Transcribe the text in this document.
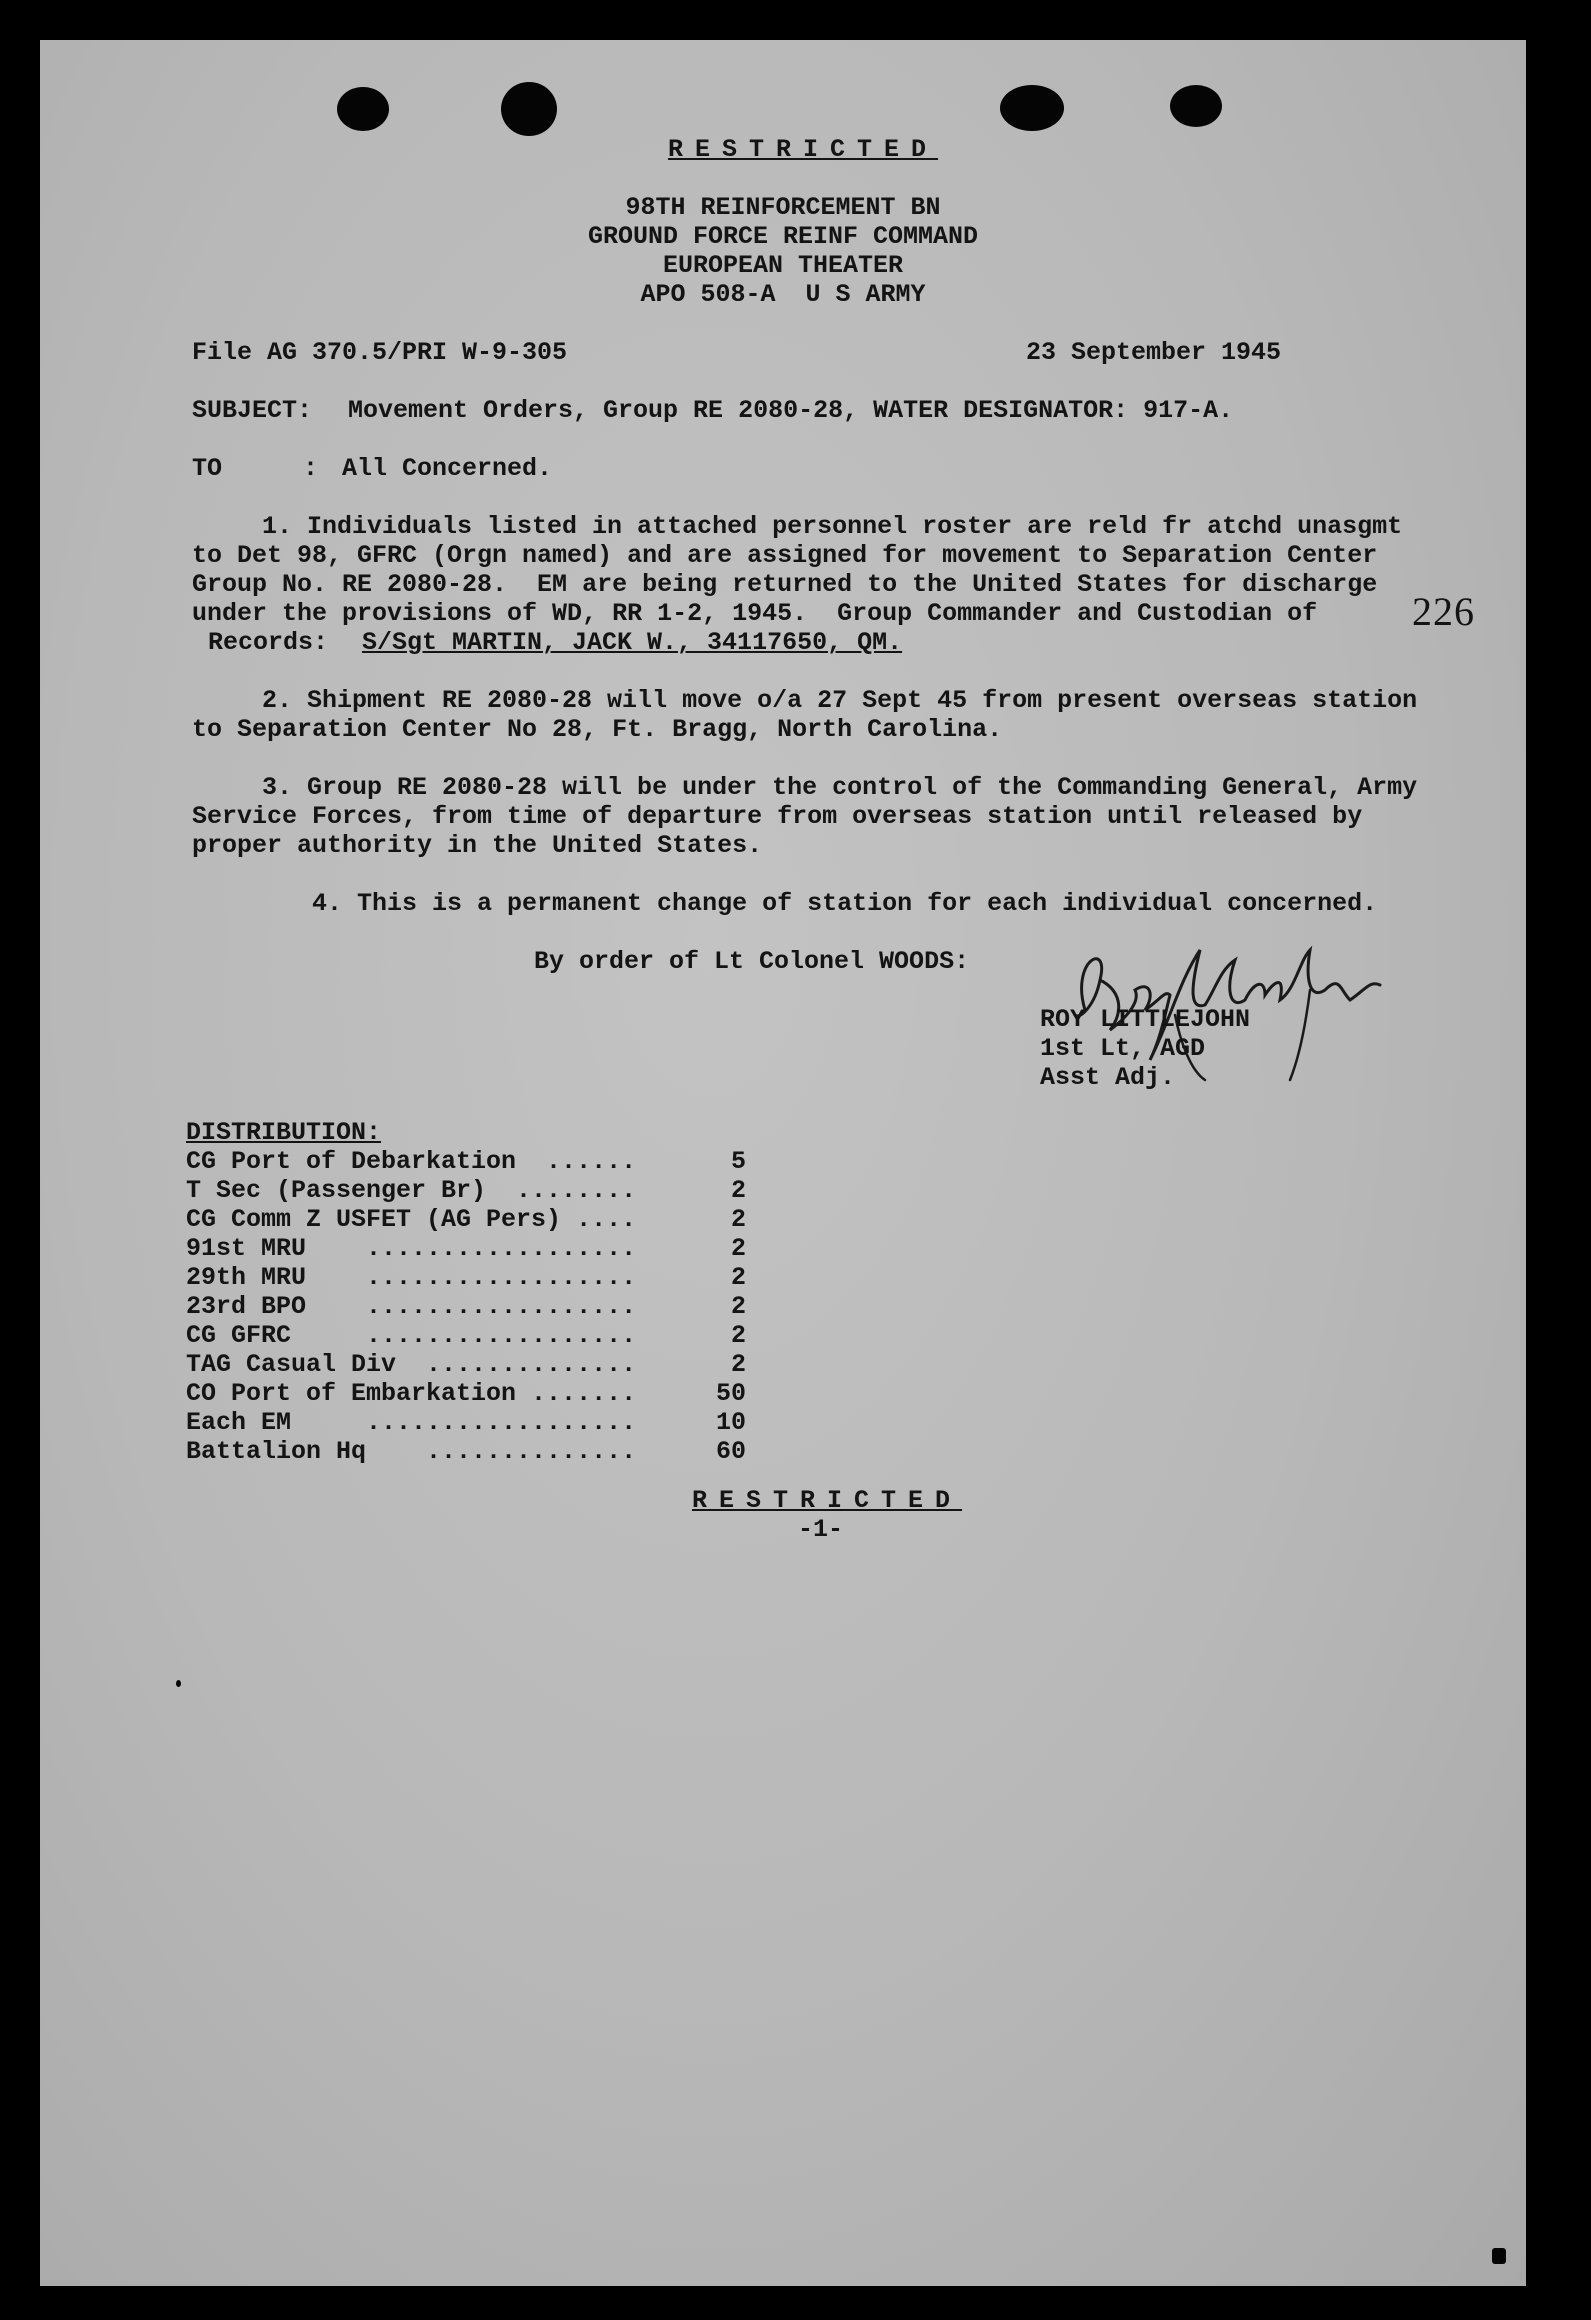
RESTRICTED

98TH REINFORCEMENT BN

GROUND FORCE REINF COMMAND

EUROPEAN THEATER

APO 508-A  U S ARMY

File AG 370.5/PRI W-9-305	23 September 1945

SUBJECT: Movement Orders, Group RE 2080-28, WATER DESIGNATOR: 917-A.

TO	: All Concerned.

1. Individuals listed in attached personnel roster are reld fr atchd unasgmt

to Det 98, GFRC (Orgn named) and are assigned for movement to Separation Center

Group No. RE 2080-28.  EM are being returned to the United States for discharge

under the provisions of WD, RR 1-2, 1945.  Group Commander and Custodian of

Records: S/Sgt MARTIN, JACK W., 34117650, QM.

226

2. Shipment RE 2080-28 will move o/a 27 Sept 45 from present overseas station

to Separation Center No 28, Ft. Bragg, North Carolina.

3. Group RE 2080-28 will be under the control of the Commanding General, Army

Service Forces, from time of departure from overseas station until released by

proper authority in the United States.

4. This is a permanent change of station for each individual concerned.

By order of Lt Colonel WOODS:

ROY LITTLEJOHN

1st Lt, AGD

Asst Adj.

DISTRIBUTION:

CG Port of Debarkation  ......	5
T Sec (Passenger Br)  ........	2
CG Comm Z USFET (AG Pers) ....	2
91st MRU    ..................	2
29th MRU    ..................	2
23rd BPO    ..................	2
CG GFRC     ..................	2
TAG Casual Div  ..............	2
CO Port of Embarkation .......	50
Each EM     ..................	10
Battalion Hq    ..............	60

RESTRICTED

-1-
